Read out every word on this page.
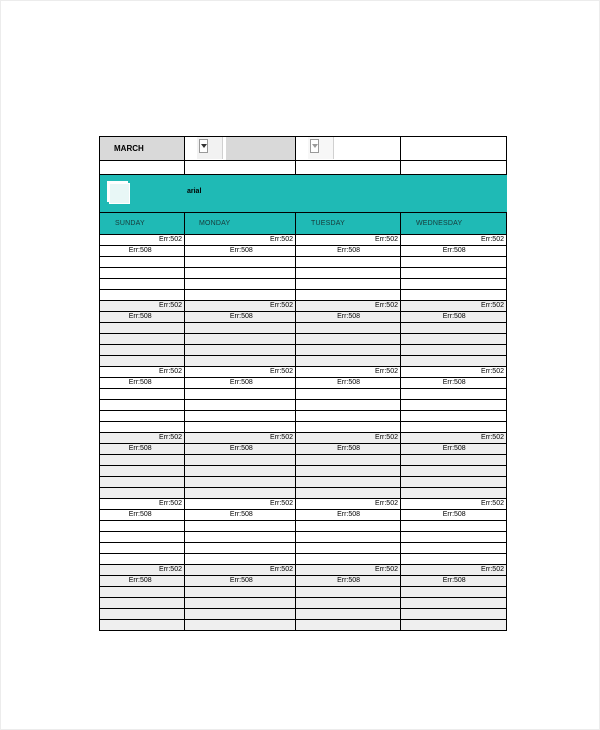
MARCH
arial
SUNDAY	MONDAY	TUESDAY	WEDNESDAY
Err:502	Err:502	Err:502	Err:502
Err:508	Err:508	Err:508	Err:508
Err:502	Err:502	Err:502	Err:502
Err:508	Err:508	Err:508	Err:508
Err:502	Err:502	Err:502	Err:502
Err:508	Err:508	Err:508	Err:508
Err:502	Err:502	Err:502	Err:502
Err:508	Err:508	Err:508	Err:508
Err:502	Err:502	Err:502	Err:502
Err:508	Err:508	Err:508	Err:508
Err:502	Err:502	Err:502	Err:502
Err:508	Err:508	Err:508	Err:508
